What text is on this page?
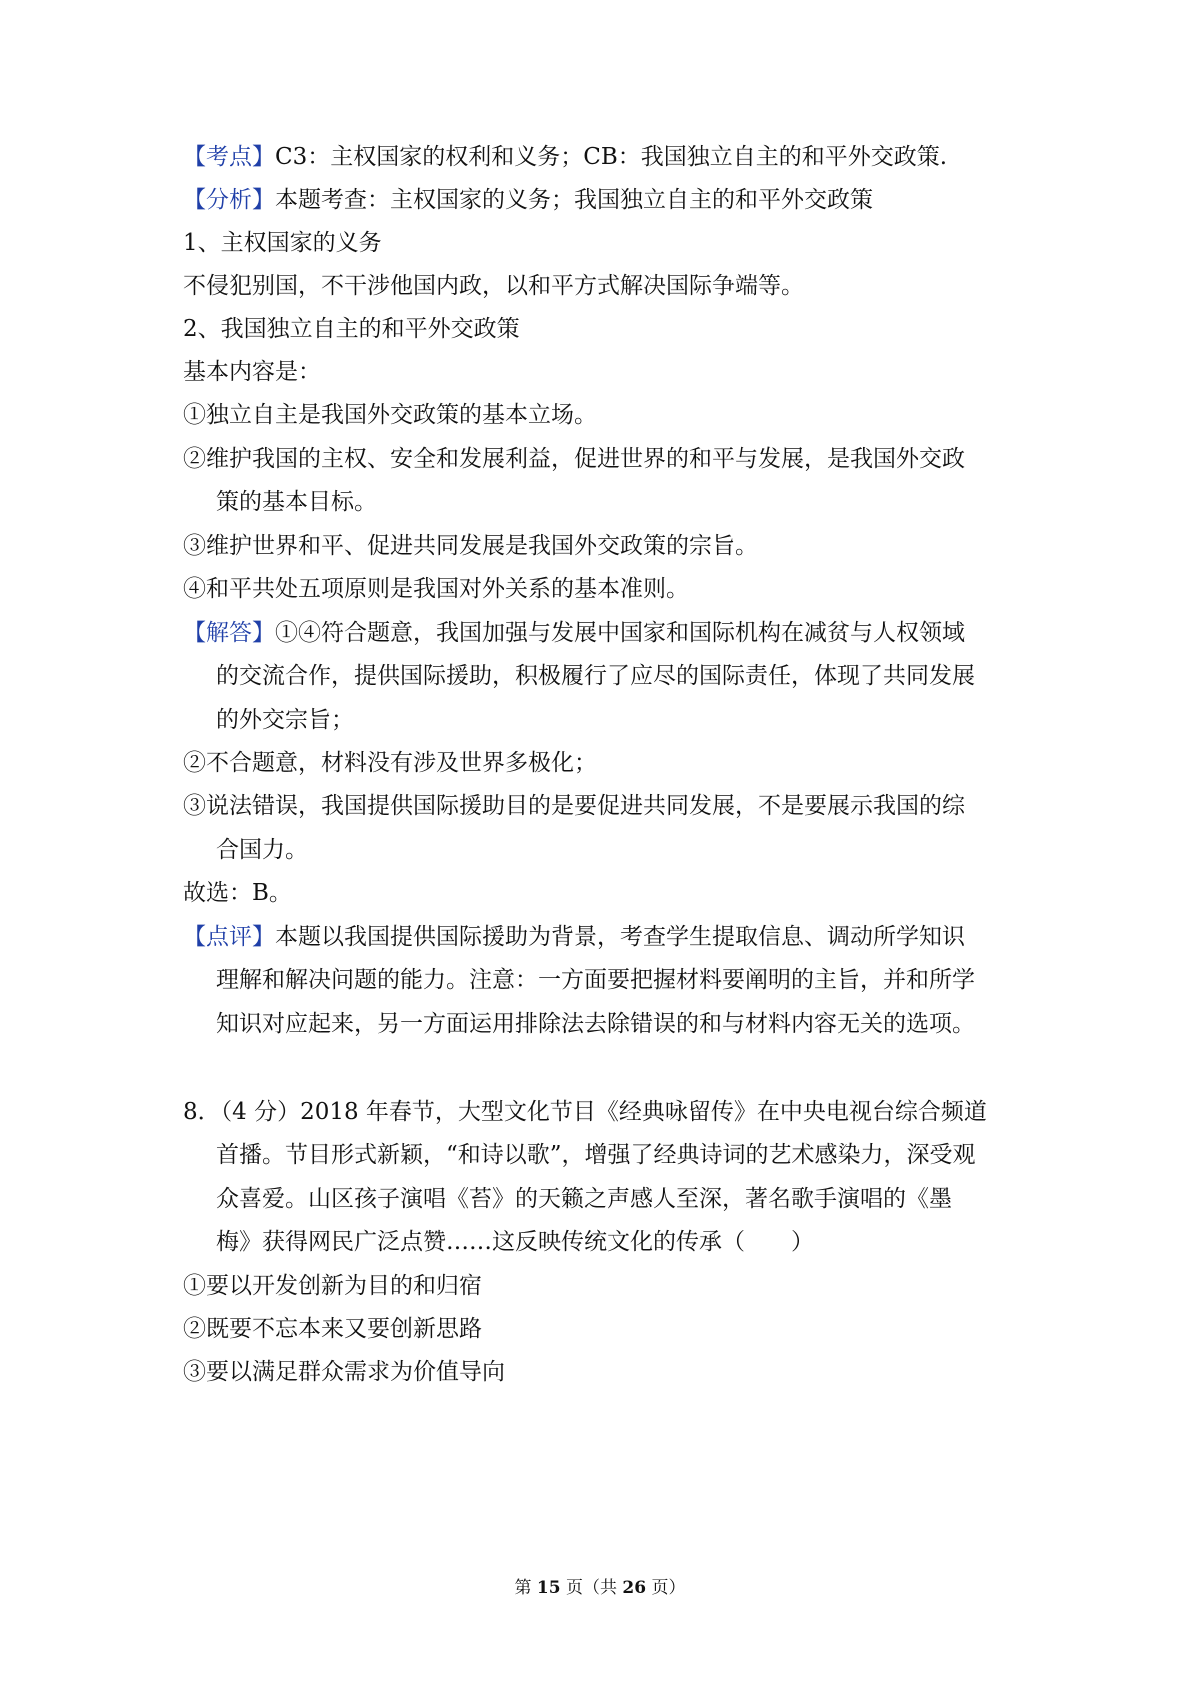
【考点】C3：主权国家的权利和义务；CB：我国独立自主的和平外交政策.
【分析】本题考查：主权国家的义务；我国独立自主的和平外交政策
1、主权国家的义务
不侵犯别国，不干涉他国内政，以和平方式解决国际争端等。
2、我国独立自主的和平外交政策
基本内容是：
①独立自主是我国外交政策的基本立场。
②维护我国的主权、安全和发展利益，促进世界的和平与发展，是我国外交政
策的基本目标。
③维护世界和平、促进共同发展是我国外交政策的宗旨。
④和平共处五项原则是我国对外关系的基本准则。
【解答】①④符合题意，我国加强与发展中国家和国际机构在减贫与人权领域
的交流合作，提供国际援助，积极履行了应尽的国际责任，体现了共同发展
的外交宗旨；
②不合题意，材料没有涉及世界多极化；
③说法错误，我国提供国际援助目的是要促进共同发展，不是要展示我国的综
合国力。
故选：B。
【点评】本题以我国提供国际援助为背景，考查学生提取信息、调动所学知识
理解和解决问题的能力。注意：一方面要把握材料要阐明的主旨，并和所学
知识对应起来，另一方面运用排除法去除错误的和与材料内容无关的选项。
8．（4 分）2018 年春节，大型文化节目《经典咏留传》在中央电视台综合频道
首播。节目形式新颖，“和诗以歌”，增强了经典诗词的艺术感染力，深受观
众喜爱。山区孩子演唱《苔》的天籁之声感人至深，著名歌手演唱的《墨
梅》获得网民广泛点赞……这反映传统文化的传承（　　）
①要以开发创新为目的和归宿
②既要不忘本来又要创新思路
③要以满足群众需求为价值导向
第 15 页（共 26 页）
